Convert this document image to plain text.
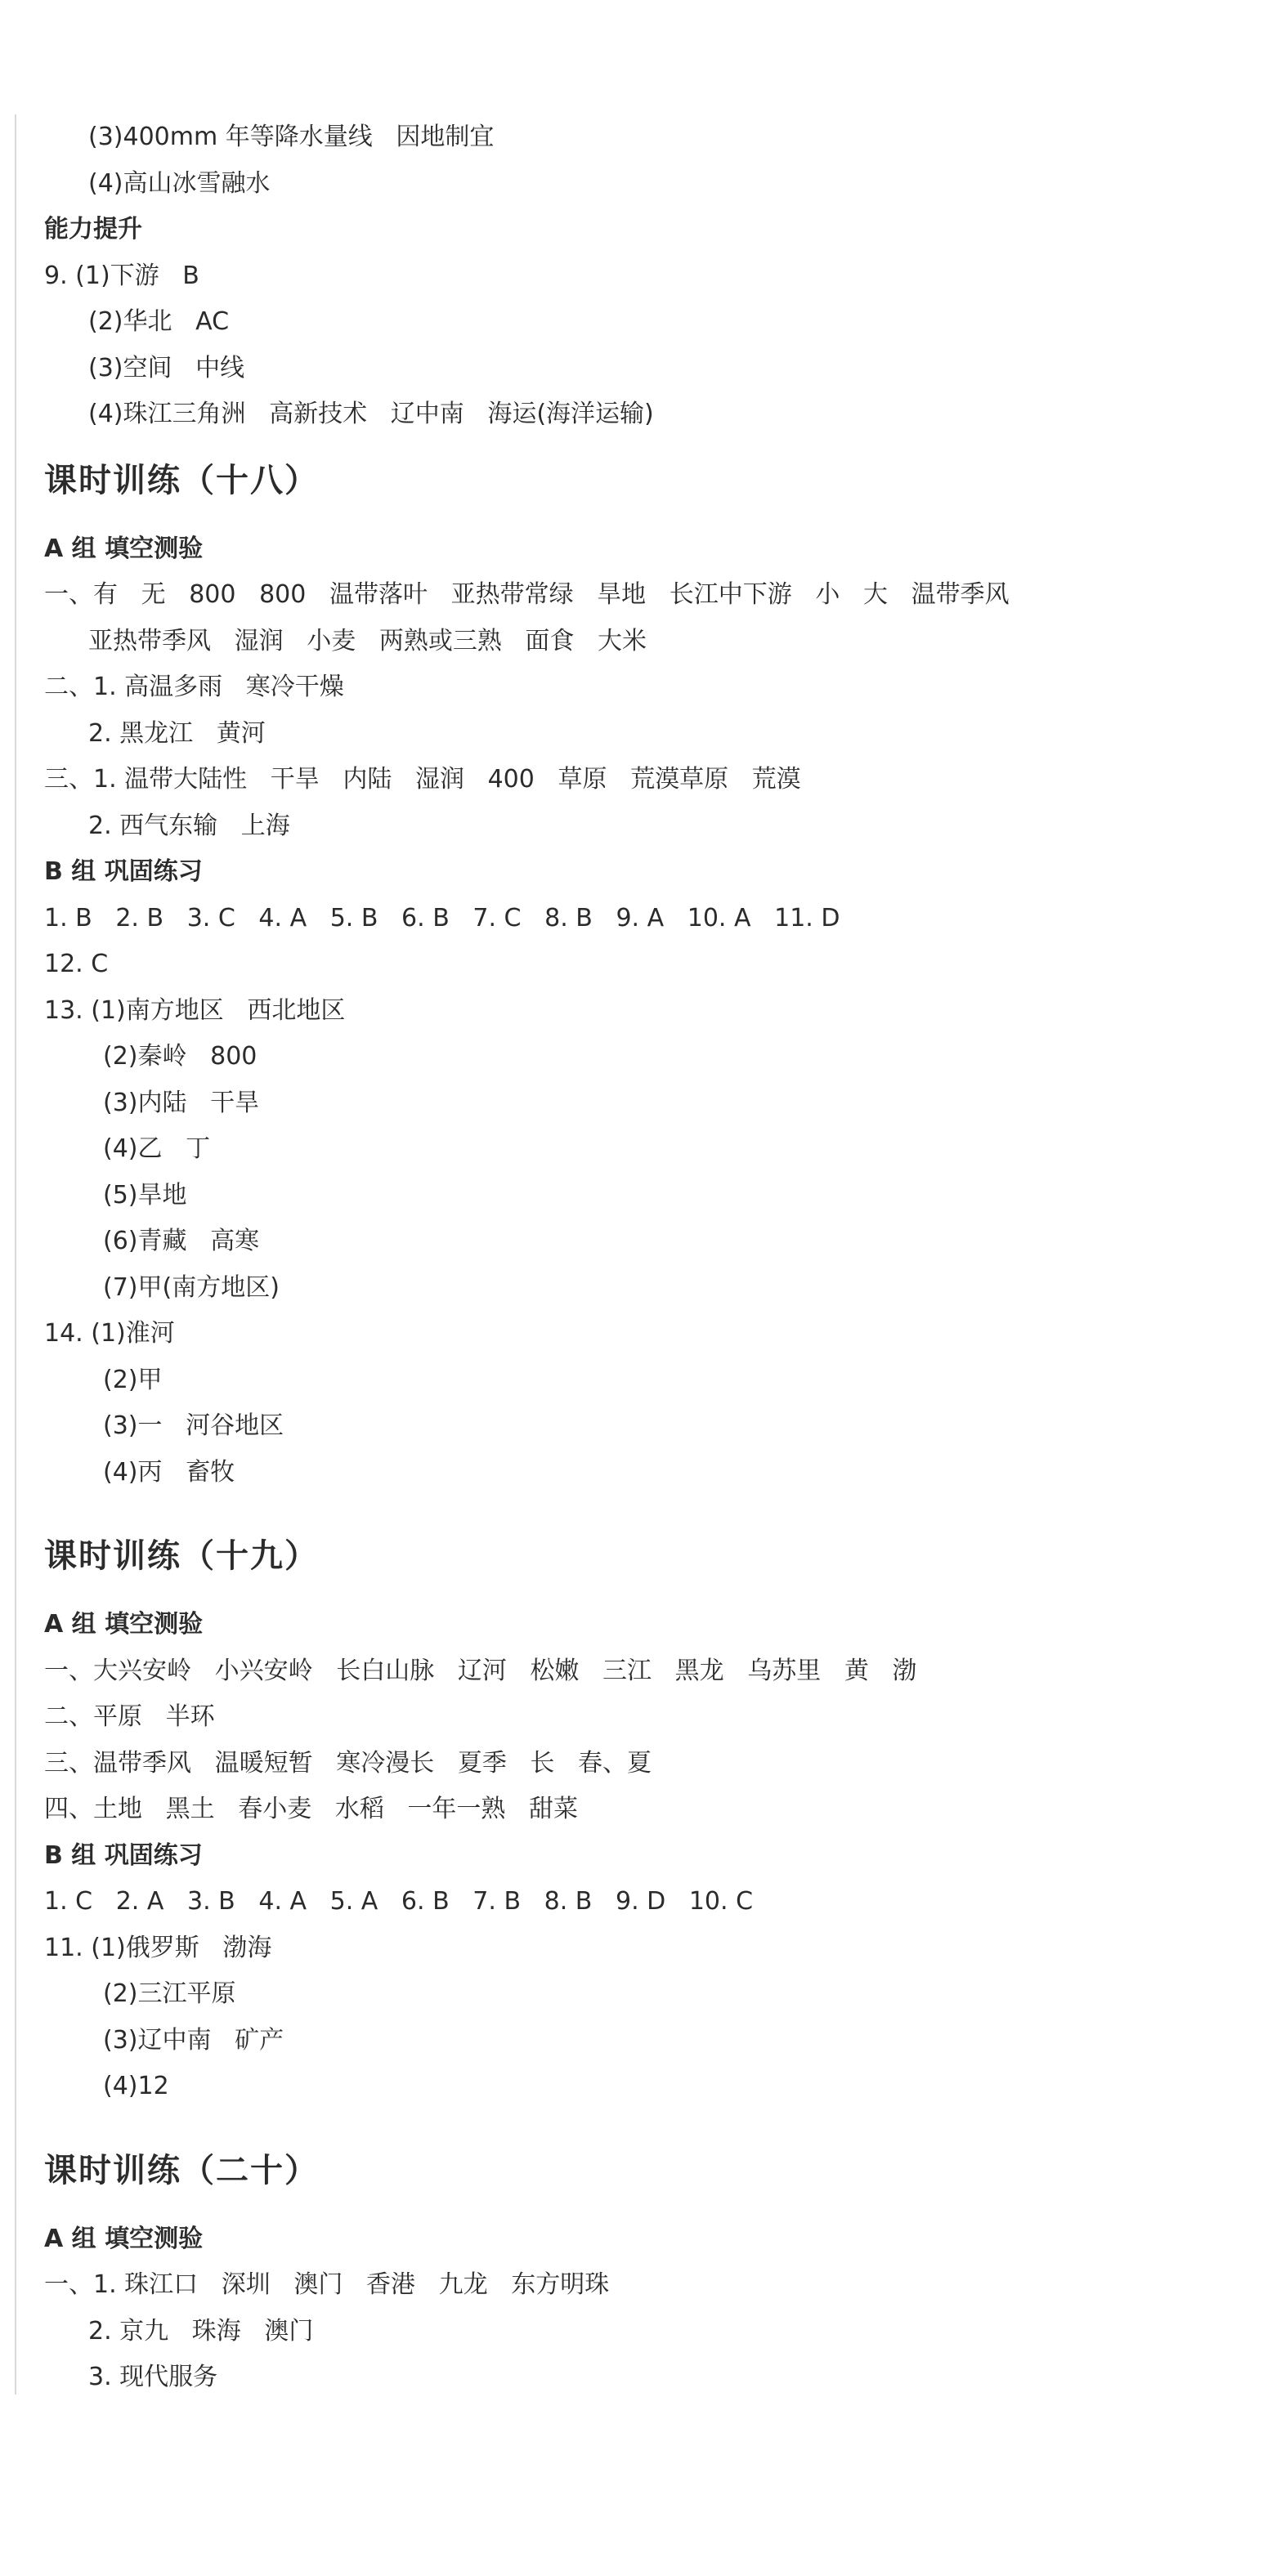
(3)400mm 年等降水量线   因地制宜
(4)高山冰雪融水
能力提升
9. (1)下游   B
(2)华北   AC
(3)空间   中线
(4)珠江三角洲   高新技术   辽中南   海运(海洋运输)
课时训练（十八）
A 组 填空测验
一、有   无   800   800   温带落叶   亚热带常绿   旱地   长江中下游   小   大   温带季风
亚热带季风   湿润   小麦   两熟或三熟   面食   大米
二、1. 高温多雨   寒冷干燥
2. 黑龙江   黄河
三、1. 温带大陆性   干旱   内陆   湿润   400   草原   荒漠草原   荒漠
2. 西气东输   上海
B 组 巩固练习
1. B   2. B   3. C   4. A   5. B   6. B   7. C   8. B   9. A   10. A   11. D
12. C
13. (1)南方地区   西北地区
(2)秦岭   800
(3)内陆   干旱
(4)乙   丁
(5)旱地
(6)青藏   高寒
(7)甲(南方地区)
14. (1)淮河
(2)甲
(3)一   河谷地区
(4)丙   畜牧
课时训练（十九）
A 组 填空测验
一、大兴安岭   小兴安岭   长白山脉   辽河   松嫩   三江   黑龙   乌苏里   黄   渤
二、平原   半环
三、温带季风   温暖短暂   寒冷漫长   夏季   长   春、夏
四、土地   黑土   春小麦   水稻   一年一熟   甜菜
B 组 巩固练习
1. C   2. A   3. B   4. A   5. A   6. B   7. B   8. B   9. D   10. C
11. (1)俄罗斯   渤海
(2)三江平原
(3)辽中南   矿产
(4)12
课时训练（二十）
A 组 填空测验
一、1. 珠江口   深圳   澳门   香港   九龙   东方明珠
2. 京九   珠海   澳门
3. 现代服务
